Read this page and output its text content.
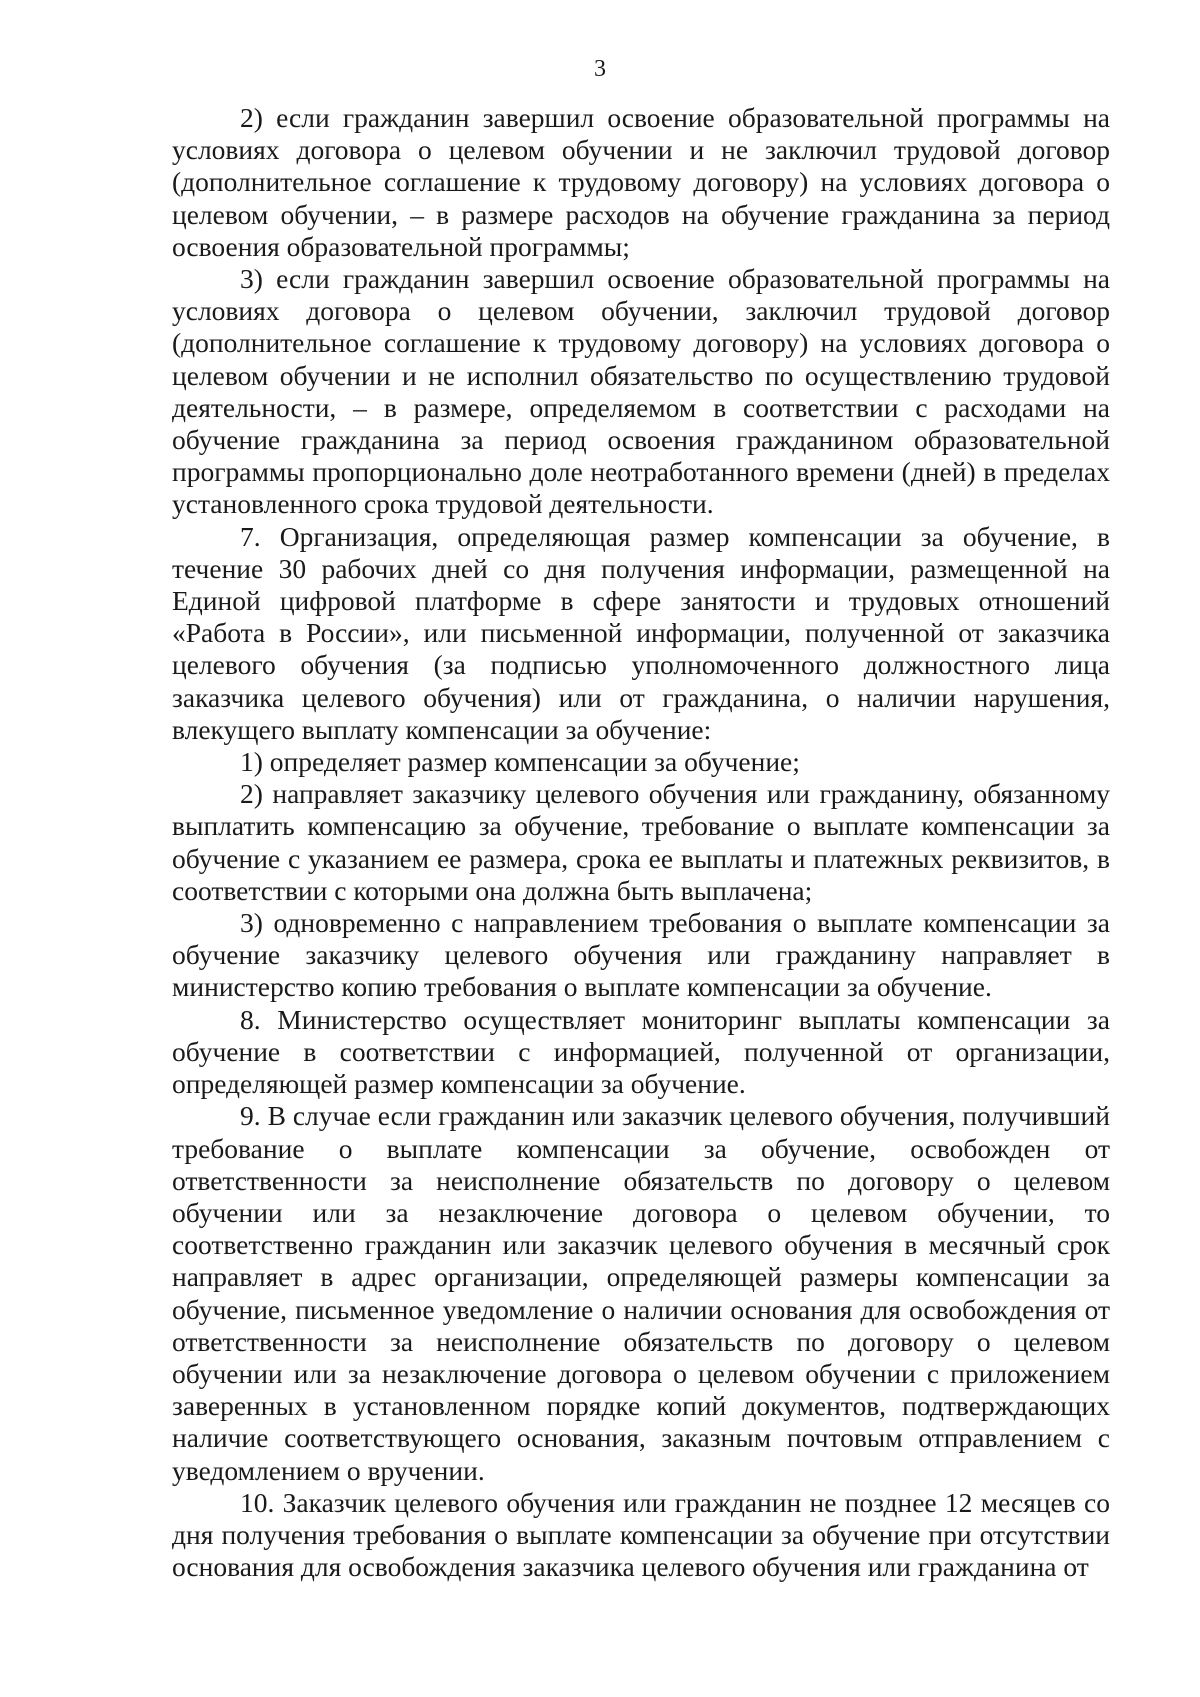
3

2) если гражданин завершил освоение образовательной программы на условиях договора о целевом обучении и не заключил трудовой договор (дополнительное соглашение к трудовому договору) на условиях договора о целевом обучении, – в размере расходов на обучение гражданина за период освоения образовательной программы;

3) если гражданин завершил освоение образовательной программы на условиях договора о целевом обучении, заключил трудовой договор (дополнительное соглашение к трудовому договору) на условиях договора о целевом обучении и не исполнил обязательство по осуществлению трудовой деятельности, – в размере, определяемом в соответствии с расходами на обучение гражданина за период освоения гражданином образовательной программы пропорционально доле неотработанного времени (дней) в пределах установленного срока трудовой деятельности.

7. Организация, определяющая размер компенсации за обучение, в течение 30 рабочих дней со дня получения информации, размещенной на Единой цифровой платформе в сфере занятости и трудовых отношений «Работа в России», или письменной информации, полученной от заказчика целевого обучения (за подписью уполномоченного должностного лица заказчика целевого обучения) или от гражданина, о наличии нарушения, влекущего выплату компенсации за обучение:

1) определяет размер компенсации за обучение;

2) направляет заказчику целевого обучения или гражданину, обязанному выплатить компенсацию за обучение, требование о выплате компенсации за обучение с указанием ее размера, срока ее выплаты и платежных реквизитов, в соответствии с которыми она должна быть выплачена;

3) одновременно с направлением требования о выплате компенсации за обучение заказчику целевого обучения или гражданину направляет в министерство копию требования о выплате компенсации за обучение.

8. Министерство осуществляет мониторинг выплаты компенсации за обучение в соответствии с информацией, полученной от организации, определяющей размер компенсации за обучение.

9. В случае если гражданин или заказчик целевого обучения, получивший требование о выплате компенсации за обучение, освобожден от ответственности за неисполнение обязательств по договору о целевом обучении или за незаключение договора о целевом обучении, то соответственно гражданин или заказчик целевого обучения в месячный срок направляет в адрес организации, определяющей размеры компенсации за обучение, письменное уведомление о наличии основания для освобождения от ответственности за неисполнение обязательств по договору о целевом обучении или за незаключение договора о целевом обучении с приложением заверенных в установленном порядке копий документов, подтверждающих наличие соответствующего основания, заказным почтовым отправлением с уведомлением о вручении.

10. Заказчик целевого обучения или гражданин не позднее 12 месяцев со дня получения требования о выплате компенсации за обучение при отсутствии основания для освобождения заказчика целевого обучения или гражданина от
